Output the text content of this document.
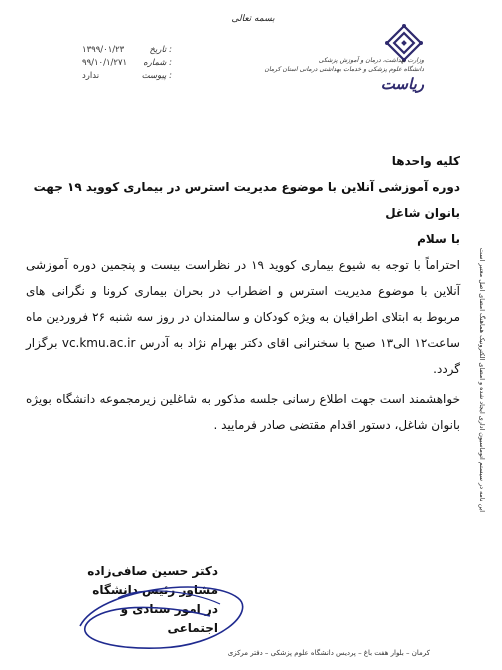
بسمه تعالی
تاریخ :
۱۳۹۹/۰۱/۲۳
شماره :
۹۹/۱۰/۱/۲۷۱
پیوست :
ندارد
وزارت بهداشت، درمان و آموزش پزشکی
دانشگاه علوم پزشکی و خدمات بهداشتی درمانی استان کرمان
ریاست
این نامه در سیستم اتوماسیون اداری ایجاد شده و امضای الکترونیک هماهنگ امضای اصل معتبر است
کلیه واحدها
دوره آموزشی آنلاین با موضوع مدیریت استرس در بیماری کووید ۱۹ جهت
بانوان شاغل
با سلام
احتراماً با توجه به شیوع بیماری کووید ۱۹ در نظراست بیست و پنجمین دوره آموزشی آنلاین با موضوع مدیریت استرس و اضطراب در بحران بیماری کرونا و نگرانی های مربوط به ابتلای اطرافیان به ویژه کودکان و سالمندان در روز سه شنبه ۲۶ فروردین ماه ساعت۱۲ الی۱۳ صبح با سخنرانی اقای دکتر بهرام نژاد به آدرس vc.kmu.ac.ir برگزار گردد.
خواهشمند است جهت اطلاع رسانی جلسه مذکور به شاغلین زیرمجموعه دانشگاه بویژه بانوان شاغل، دستور اقدام مقتضی صادر فرمایید .
دکتر حسین صافی‌زاده
مشاور رئیس دانشگاه
در امور ستادی و اجتماعی
کرمان – بلوار هفت باغ – پردیس دانشگاه علوم پزشکی – دفتر مرکزی
